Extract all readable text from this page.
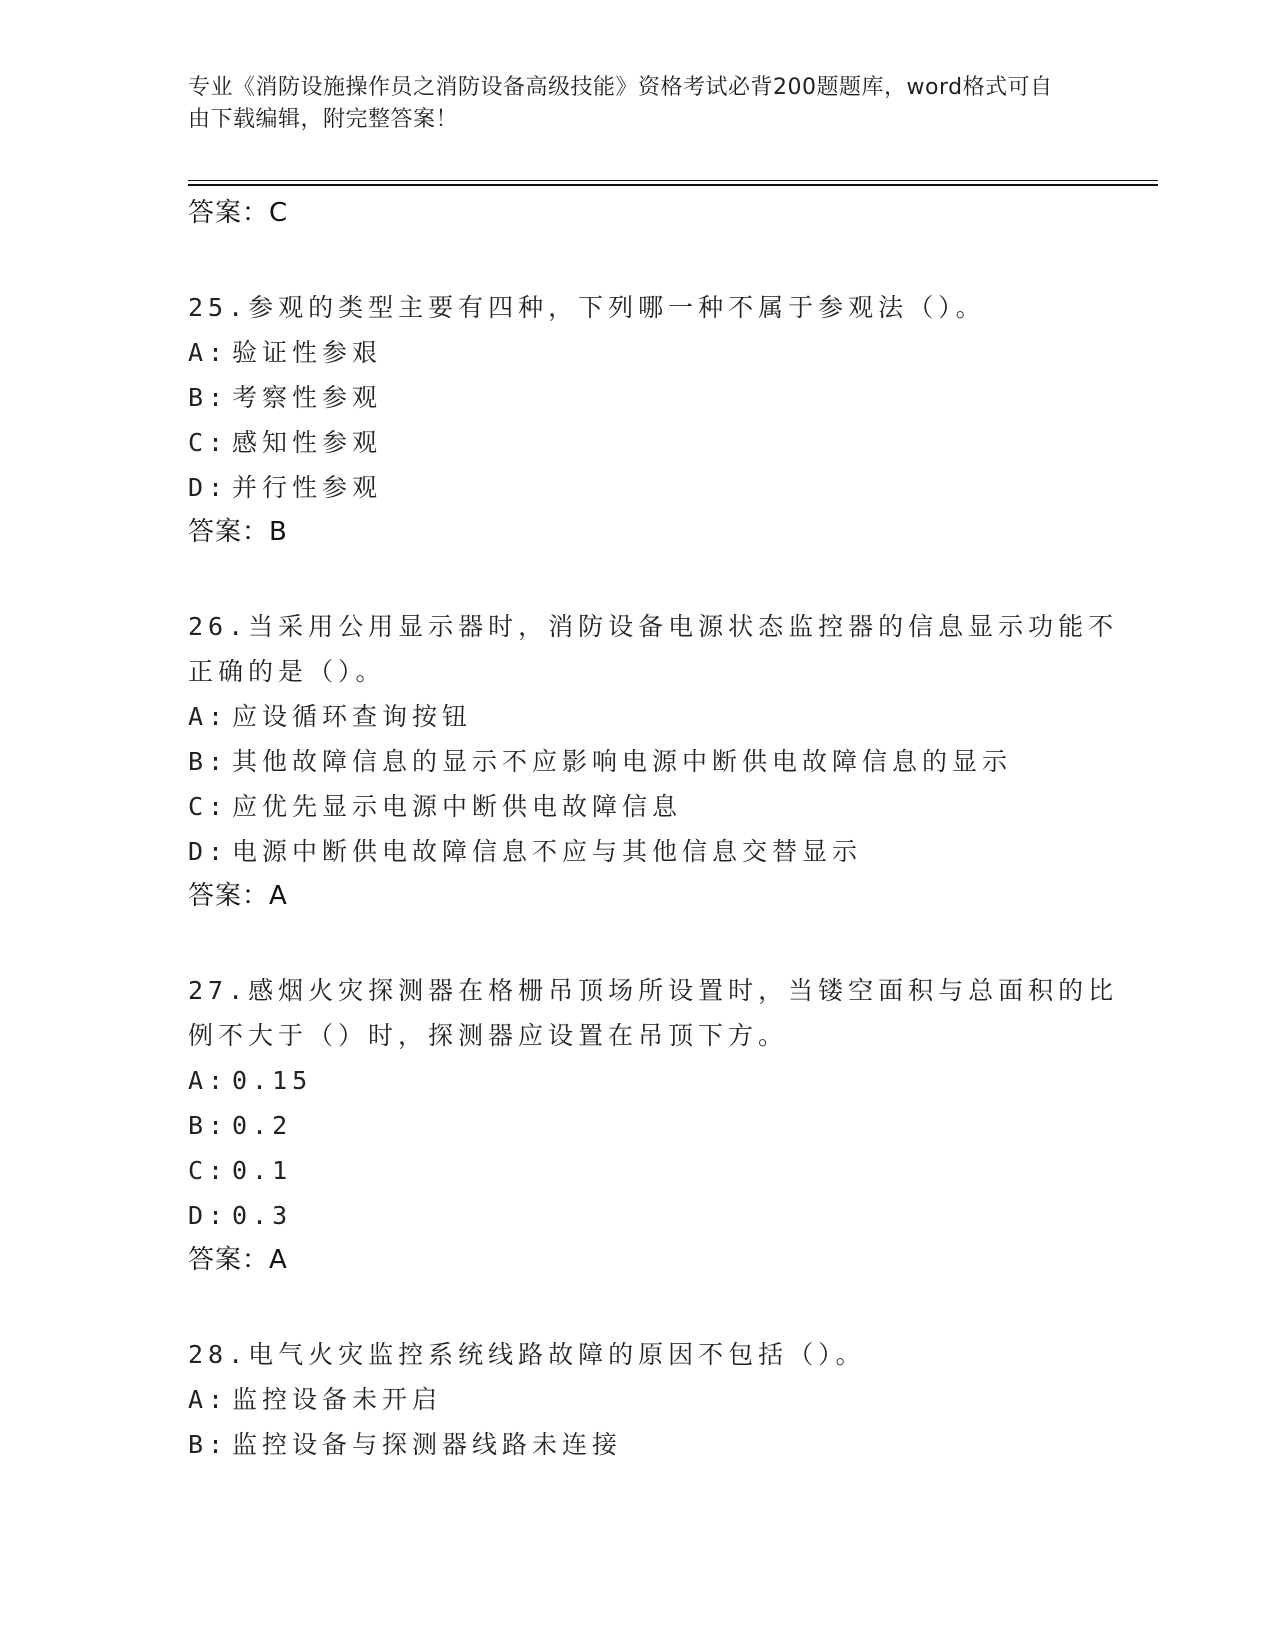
专业《消防设施操作员之消防设备高级技能》资格考试必背200题题库，word格式可自由下载编辑，附完整答案！
答案：C
25.参观的类型主要有四种，下列哪一种不属于参观法（）。
A: 验证性参艰
B: 考察性参观
C: 感知性参观
D: 并行性参观
答案：B
26.当采用公用显示器时，消防设备电源状态监控器的信息显示功能不正确的是（）。
A: 应设循环查询按钮
B: 其他故障信息的显示不应影响电源中断供电故障信息的显示
C: 应优先显示电源中断供电故障信息
D: 电源中断供电故障信息不应与其他信息交替显示
答案：A
27.感烟火灾探测器在格栅吊顶场所设置时，当镂空面积与总面积的比例不大于（）时，探测器应设置在吊顶下方。
A: 0.15
B: 0.2
C: 0.1
D: 0.3
答案：A
28.电气火灾监控系统线路故障的原因不包括（）。
A: 监控设备未开启
B: 监控设备与探测器线路未连接
